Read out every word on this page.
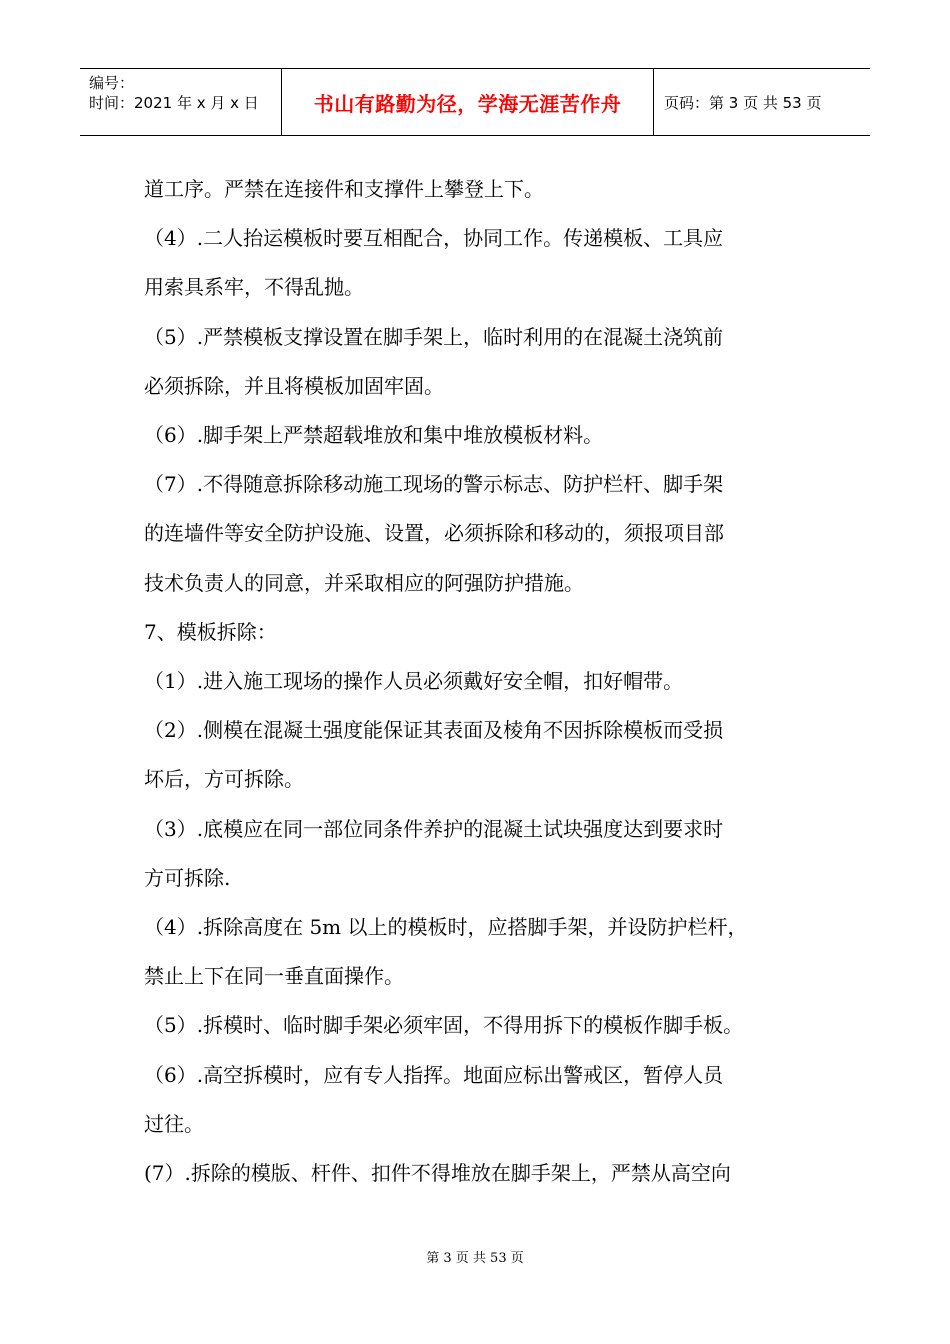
编号：
时间：2021 年 x 月 x 日	书山有路勤为径，学海无涯苦作舟	页码：第 3 页 共 53 页

道工序。严禁在连接件和支撑件上攀登上下。

（4）.二人抬运模板时要互相配合，协同工作。传递模板、工具应

用索具系牢，不得乱抛。

（5）.严禁模板支撑设置在脚手架上，临时利用的在混凝土浇筑前

必须拆除，并且将模板加固牢固。

（6）.脚手架上严禁超载堆放和集中堆放模板材料。

（7）.不得随意拆除移动施工现场的警示标志、防护栏杆、脚手架

的连墙件等安全防护设施、设置，必须拆除和移动的，须报项目部

技术负责人的同意，并采取相应的阿强防护措施。

7、模板拆除：

（1）.进入施工现场的操作人员必须戴好安全帽，扣好帽带。

（2）.侧模在混凝土强度能保证其表面及棱角不因拆除模板而受损

坏后，方可拆除。

（3）.底模应在同一部位同条件养护的混凝土试块强度达到要求时

方可拆除.

（4）.拆除高度在 5m 以上的模板时，应搭脚手架，并设防护栏杆，

禁止上下在同一垂直面操作。

（5）.拆模时、临时脚手架必须牢固，不得用拆下的模板作脚手板。

（6）.高空拆模时，应有专人指挥。地面应标出警戒区，暂停人员

过往。

(7）.拆除的模版、杆件、扣件不得堆放在脚手架上，严禁从高空向

第 3 页 共 53 页
